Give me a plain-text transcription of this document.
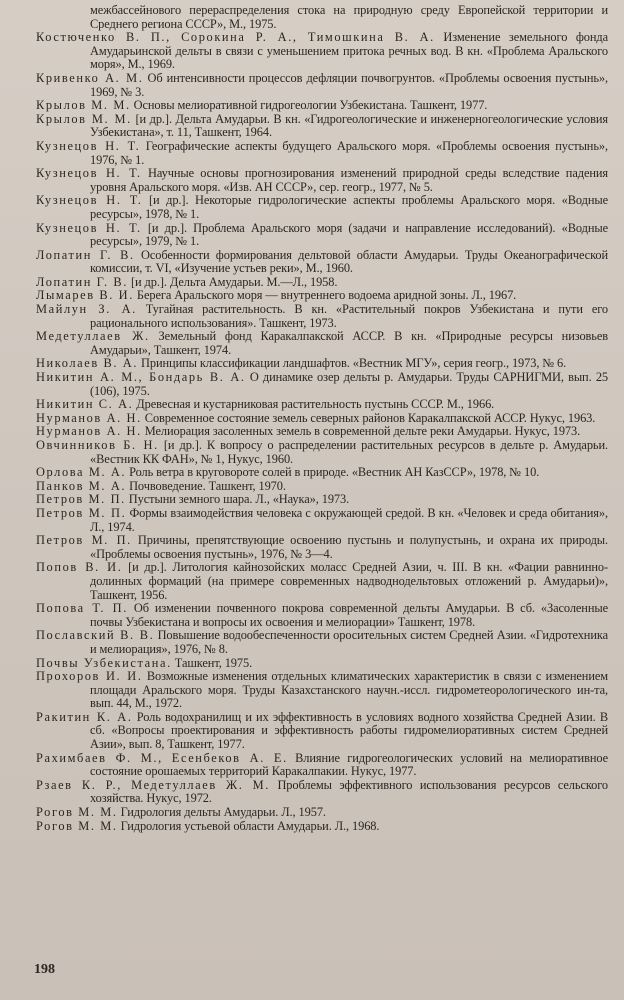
межбассейнового перераспределения стока на природную среду Европейской территории и Среднего региона СССР», М., 1975.

Костюченко В. П., Сорокина Р. А., Тимошкина В. А. Изменение земельного фонда Амударьинской дельты в связи с уменьшением притока речных вод. В кн. «Проблема Аральского моря», М., 1969.

Кривенко А. М. Об интенсивности процессов дефляции почвогрунтов. «Проблемы освоения пустынь», 1969, № 3.

Крылов М. М. Основы мелиоративной гидрогеологии Узбекистана. Ташкент, 1977.

Крылов М. М. [и др.]. Дельта Амударьи. В кн. «Гидрогеологические и инженерногеологические условия Узбекистана», т. 11, Ташкент, 1964.

Кузнецов Н. Т. Географические аспекты будущего Аральского моря. «Проблемы освоения пустынь», 1976, № 1.

Кузнецов Н. Т. Научные основы прогнозирования изменений природной среды вследствие падения уровня Аральского моря. «Изв. АН СССР», сер. геогр., 1977, № 5.

Кузнецов Н. Т. [и др.]. Некоторые гидрологические аспекты проблемы Аральского моря. «Водные ресурсы», 1978, № 1.

Кузнецов Н. Т. [и др.]. Проблема Аральского моря (задачи и направление исследований). «Водные ресурсы», 1979, № 1.

Лопатин Г. В. Особенности формирования дельтовой области Амударьи. Труды Океанографической комиссии, т. VI, «Изучение устьев реки», М., 1960.

Лопатин Г. В. [и др.]. Дельта Амударьи. М.—Л., 1958.

Лымарев В. И. Берега Аральского моря — внутреннего водоема аридной зоны. Л., 1967.

Майлун З. А. Тугайная растительность. В кн. «Растительный покров Узбекистана и пути его рационального использования». Ташкент, 1973.

Медетуллаев Ж. Земельный фонд Каракалпакской АССР. В кн. «Природные ресурсы низовьев Амударьи», Ташкент, 1974.

Николаев В. А. Принципы классификации ландшафтов. «Вестник МГУ», серия геогр., 1973, № 6.

Никитин А. М., Бондарь В. А. О динамике озер дельты р. Амударьи. Труды САРНИГМИ, вып. 25 (106), 1975.

Никитин С. А. Древесная и кустарниковая растительность пустынь СССР. М., 1966.

Нурманов А. Н. Современное состояние земель северных районов Каракалпакской АССР. Нукус, 1963.

Нурманов А. Н. Мелиорация засоленных земель в современной дельте реки Амударьи. Нукус, 1973.

Овчинников Б. Н. [и др.]. К вопросу о распределении растительных ресурсов в дельте р. Амударьи. «Вестник КК ФАН», № 1, Нукус, 1960.

Орлова М. А. Роль ветра в круговороте солей в природе. «Вестник АН КазССР», 1978, № 10.

Панков М. А. Почвоведение. Ташкент, 1970.

Петров М. П. Пустыни земного шара. Л., «Наука», 1973.

Петров М. П. Формы взаимодействия человека с окружающей средой. В кн. «Человек и среда обитания», Л., 1974.

Петров М. П. Причины, препятствующие освоению пустынь и полупустынь, и охрана их природы. «Проблемы освоения пустынь», 1976, № 3—4.

Попов В. И. [и др.]. Литология кайнозойских моласс Средней Азии, ч. III. В кн. «Фации равнинно-долинных формаций (на примере современных надводнодельтовых отложений р. Амударьи)», Ташкент, 1956.

Попова Т. П. Об изменении почвенного покрова современной дельты Амударьи. В сб. «Засоленные почвы Узбекистана и вопросы их освоения и мелиорации» Ташкент, 1978.

Пославский В. В. Повышение водообеспеченности оросительных систем Средней Азии. «Гидротехника и мелиорация», 1976, № 8.

Почвы Узбекистана. Ташкент, 1975.

Прохоров И. И. Возможные изменения отдельных климатических характеристик в связи с изменением площади Аральского моря. Труды Казахстанского научн.-иссл. гидрометеорологического ин-та, вып. 44, М., 1972.

Ракитин К. А. Роль водохранилищ и их эффективность в условиях водного хозяйства Средней Азии. В сб. «Вопросы проектирования и эффективность работы гидромелиоративных систем Средней Азии», вып. 8, Ташкент, 1977.

Рахимбаев Ф. М., Есенбеков А. Е. Влияние гидрогеологических условий на мелиоративное состояние орошаемых территорий Каракалпакии. Нукус, 1977.

Рзаев К. Р., Медетуллаев Ж. М. Проблемы эффективного использования ресурсов сельского хозяйства. Нукус, 1972.

Рогов М. М. Гидрология дельты Амударьи. Л., 1957.

Рогов М. М. Гидрология устьевой области Амударьи. Л., 1968.

198
